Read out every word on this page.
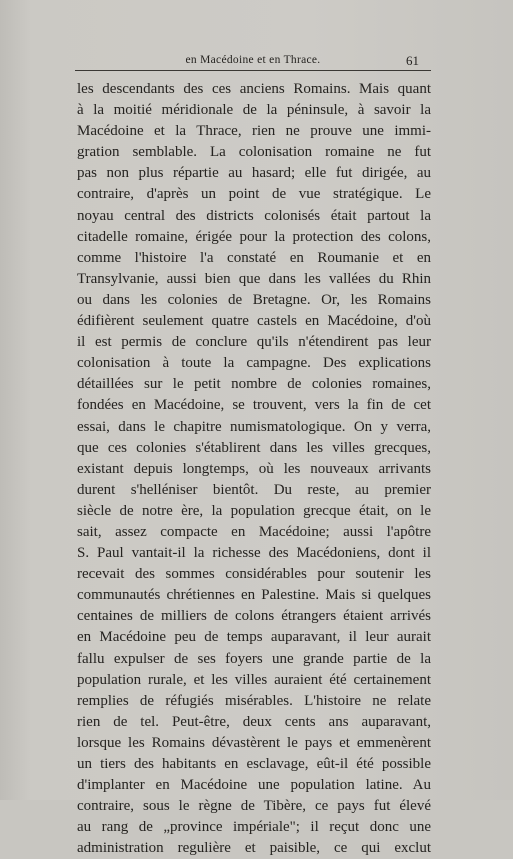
en Macédoine et en Thrace.	61
les descendants des ces anciens Romains. Mais quant
à la moitié méridionale de la péninsule, à savoir la
Macédoine et la Thrace, rien ne prouve une immi-
gration semblable. La colonisation romaine ne fut
pas non plus répartie au hasard; elle fut dirigée, au
contraire, d'après un point de vue stratégique. Le
noyau central des districts colonisés était partout la
citadelle romaine, érigée pour la protection des colons,
comme l'histoire l'a constaté en Roumanie et en
Transylvanie, aussi bien que dans les vallées du Rhin
ou dans les colonies de Bretagne. Or, les Romains
édifièrent seulement quatre castels en Macédoine, d'où
il est permis de conclure qu'ils n'étendirent pas leur
colonisation à toute la campagne. Des explications
détaillées sur le petit nombre de colonies romaines,
fondées en Macédoine, se trouvent, vers la fin de cet
essai, dans le chapitre numismatologique. On y verra,
que ces colonies s'établirent dans les villes grecques,
existant depuis longtemps, où les nouveaux arrivants
durent s'helléniser bientôt. Du reste, au premier
siècle de notre ère, la population grecque était, on le
sait, assez compacte en Macédoine; aussi l'apôtre
S. Paul vantait-il la richesse des Macédoniens, dont il
recevait des sommes considérables pour soutenir les
communautés chrétiennes en Palestine. Mais si quelques
centaines de milliers de colons étrangers étaient arrivés
en Macédoine peu de temps auparavant, il leur aurait
fallu expulser de ses foyers une grande partie de la
population rurale, et les villes auraient été certainement
remplies de réfugiés misérables. L'histoire ne relate
rien de tel. Peut-être, deux cents ans auparavant,
lorsque les Romains dévastèrent le pays et emmenèrent
un tiers des habitants en esclavage, eût-il été possible
d'implanter en Macédoine une population latine. Au
contraire, sous le règne de Tibère, ce pays fut élevé
au rang de „province impériale"; il reçut donc une
administration regulière et paisible, ce qui exclut
